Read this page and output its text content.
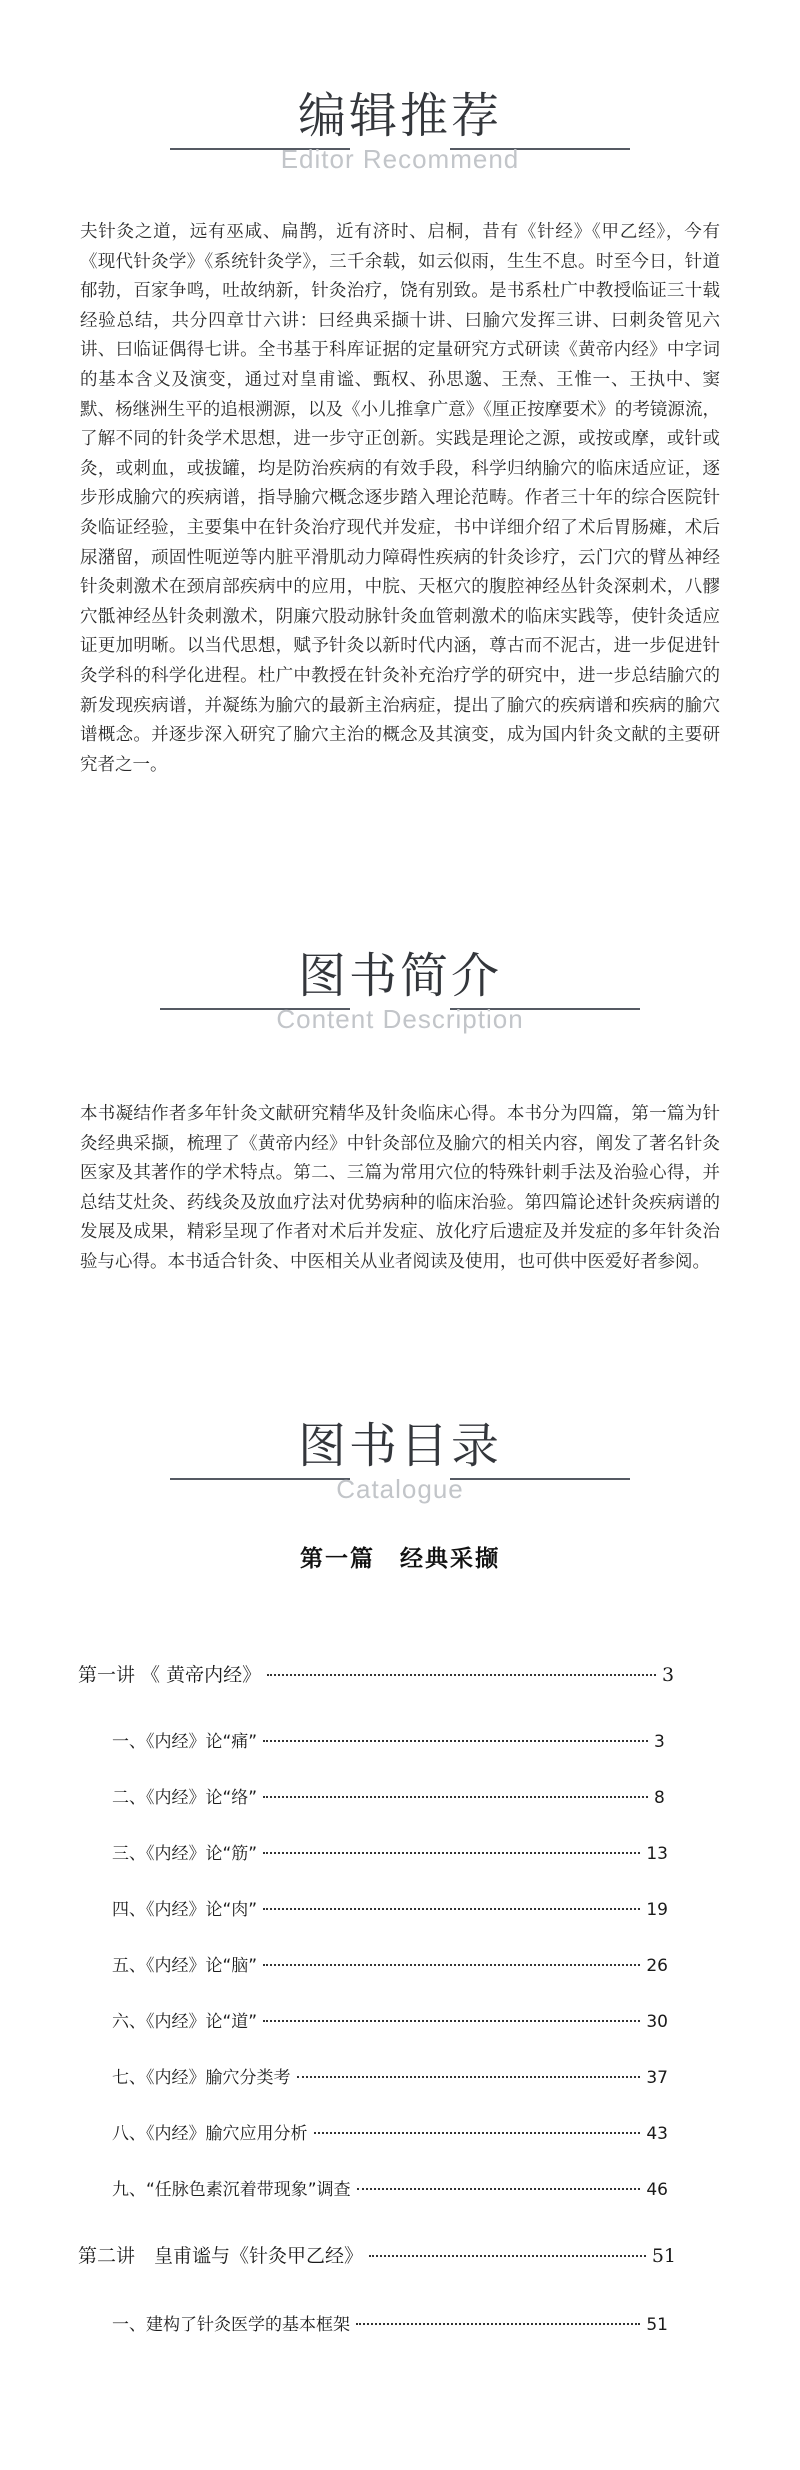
编辑推荐
Editor Recommend

夫针灸之道，远有巫咸、扁鹊，近有济时、启桐，昔有《针经》《甲乙经》，今有《现代针灸学》《系统针灸学》，三千余载，如云似雨，生生不息。时至今日，针道郁勃，百家争鸣，吐故纳新，针灸治疗，饶有别致。是书系杜广中教授临证三十载经验总结，共分四章廿六讲：曰经典采撷十讲、曰腧穴发挥三讲、曰刺灸管见六讲、曰临证偶得七讲。全书基于科库证据的定量研究方式研读《黄帝内经》中字词的基本含义及演变，通过对皇甫谧、甄权、孙思邈、王焘、王惟一、王执中、窦默、杨继洲生平的追根溯源，以及《小儿推拿广意》《厘正按摩要术》的考镜源流，了解不同的针灸学术思想，进一步守正创新。实践是理论之源，或按或摩，或针或灸，或刺血，或拔罐，均是防治疾病的有效手段，科学归纳腧穴的临床适应证，逐步形成腧穴的疾病谱，指导腧穴概念逐步踏入理论范畴。作者三十年的综合医院针灸临证经验，主要集中在针灸治疗现代并发症，书中详细介绍了术后胃肠瘫，术后尿潴留，顽固性呃逆等内脏平滑肌动力障碍性疾病的针灸诊疗，云门穴的臂丛神经针灸刺激术在颈肩部疾病中的应用，中脘、天枢穴的腹腔神经丛针灸深刺术，八髎穴骶神经丛针灸刺激术，阴廉穴股动脉针灸血管刺激术的临床实践等，使针灸适应证更加明晰。以当代思想，赋予针灸以新时代内涵，尊古而不泥古，进一步促进针灸学科的科学化进程。杜广中教授在针灸补充治疗学的研究中，进一步总结腧穴的新发现疾病谱，并凝练为腧穴的最新主治病症，提出了腧穴的疾病谱和疾病的腧穴谱概念。并逐步深入研究了腧穴主治的概念及其演变，成为国内针灸文献的主要研究者之一。

图书简介
Content Description

本书凝结作者多年针灸文献研究精华及针灸临床心得。本书分为四篇，第一篇为针灸经典采撷，梳理了《黄帝内经》中针灸部位及腧穴的相关内容，阐发了著名针灸医家及其著作的学术特点。第二、三篇为常用穴位的特殊针刺手法及治验心得，并总结艾灶灸、药线灸及放血疗法对优势病种的临床治验。第四篇论述针灸疾病谱的发展及成果，精彩呈现了作者对术后并发症、放化疗后遗症及并发症的多年针灸治验与心得。本书适合针灸、中医相关从业者阅读及使用，也可供中医爱好者参阅。

图书目录
Catalogue
第一篇　经典采撷
第一讲 《 黄帝内经》	3
一、《内经》论“痛”	3
二、《内经》论“络”	8
三、《内经》论“筋”	13
四、《内经》论“肉”	19
五、《内经》论“脑”	26
六、《内经》论“道”	30
七、《内经》腧穴分类考	37
八、《内经》腧穴应用分析	43
九、“任脉色素沉着带现象”调查	46
第二讲　皇甫谧与《针灸甲乙经》	51
一、建构了针灸医学的基本框架	51
